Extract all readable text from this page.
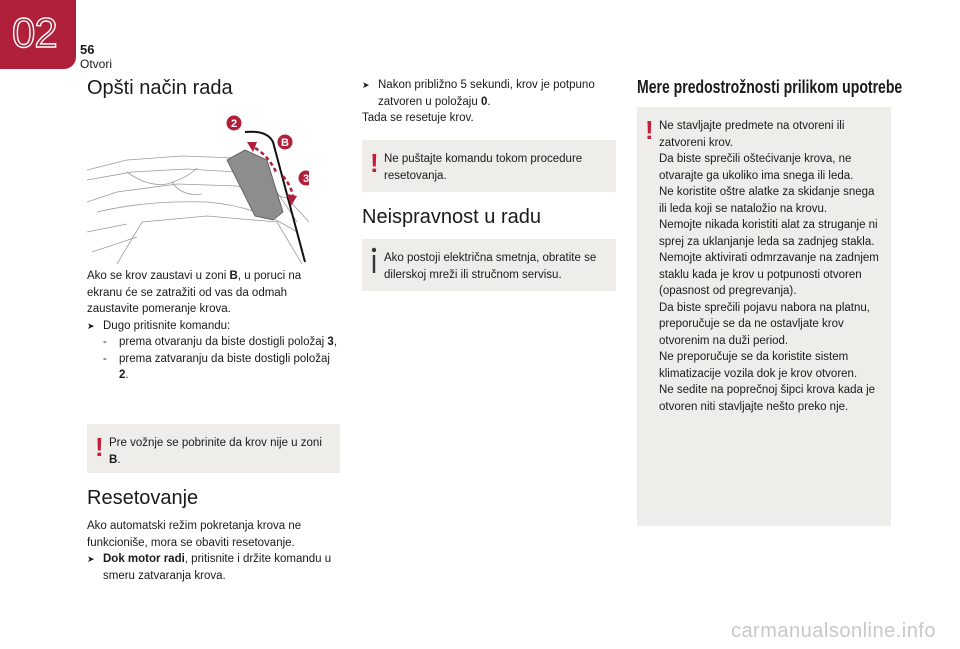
02 56
Otvori
Opšti način rada
2
B
3

Ako se krov zaustavi u zoni B, u poruci na ekranu će se zatražiti od vas da odmah zaustavite pomeranje krova.

➤ Dugo pritisnite komandu:
-	prema otvaranju da biste dostigli položaj 3,
-	prema zatvaranju da biste dostigli položaj 2.
! Pre vožnje se pobrinite da krov nije u zoni B.
Resetovanje

Ako automatski režim pokretanja krova ne funkcioniše, mora se obaviti resetovanje.

➤ Dok motor radi, pritisnite i držite komandu u smeru zatvaranja krova.
➤ Nakon približno 5 sekundi, krov je potpuno zatvoren u položaju 0.

Tada se resetuje krov.

! Ne puštajte komandu tokom procedure resetovanja.
Neispravnost u radu
Ako postoji električna smetnja, obratite se dilerskoj mreži ili stručnom servisu.
Mere predostrožnosti prilikom upotrebe
! Ne stavljajte predmete na otvoreni ili zatvoreni krov.

Da biste sprečili oštećivanje krova, ne otvarajte ga ukoliko ima snega ili leda.

Ne koristite oštre alatke za skidanje snega ili leda koji se nataložio na krovu.

Nemojte nikada koristiti alat za struganje ni sprej za uklanjanje leda sa zadnjeg stakla.

Nemojte aktivirati odmrzavanje na zadnjem staklu kada je krov u potpunosti otvoren (opasnost od pregrevanja).

Da biste sprečili pojavu nabora na platnu, preporučuje se da ne ostavljate krov otvorenim na duži period.

Ne preporučuje se da koristite sistem klimatizacije vozila dok je krov otvoren.

Ne sedite na poprečnoj šipci krova kada je otvoren niti stavljajte nešto preko nje.

carmanualsonline.info
